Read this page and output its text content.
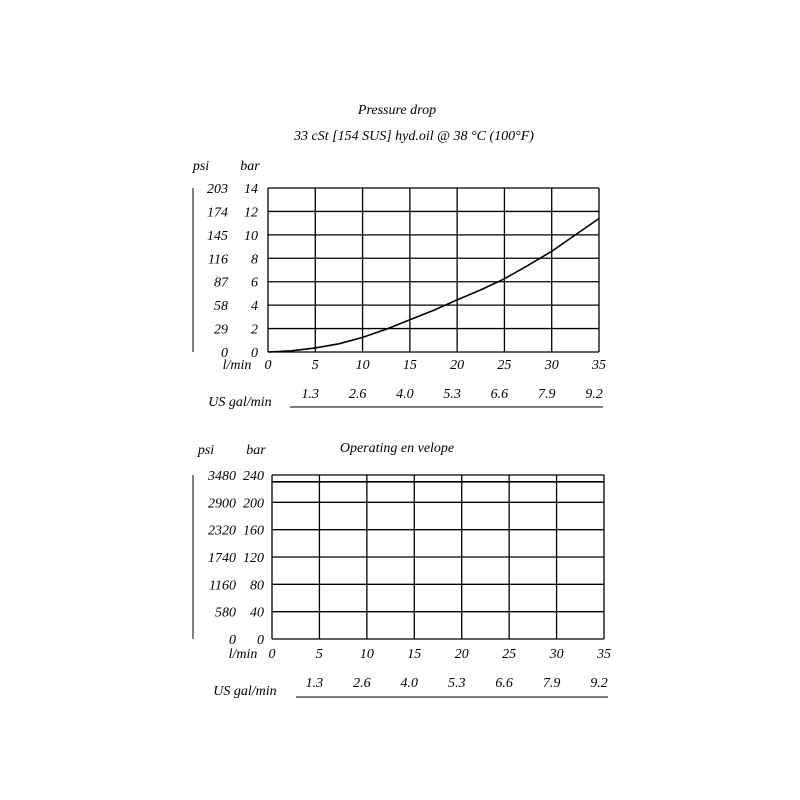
Pressure drop
33 cSt [154 SUS] hyd.oil @ 38 °C (100°F)
psi bar
0
2
4
6
8
10
12
14
0
29
58
87
116
145
174
203
l/min 0	5	10 15 20 25 30 35
US gal/min
1.3 2.6 4.0 5.3 6.6 7.9 9.2
Operating en velope
psi bar
0
40
80
120
160
200
240
0
580
1160
1740
2320
2900
3480
l/min 0	5	10 15 20 25 30 35
US gal/min
1.3 2.6 4.0 5.3 6.6 7.9 9.2
